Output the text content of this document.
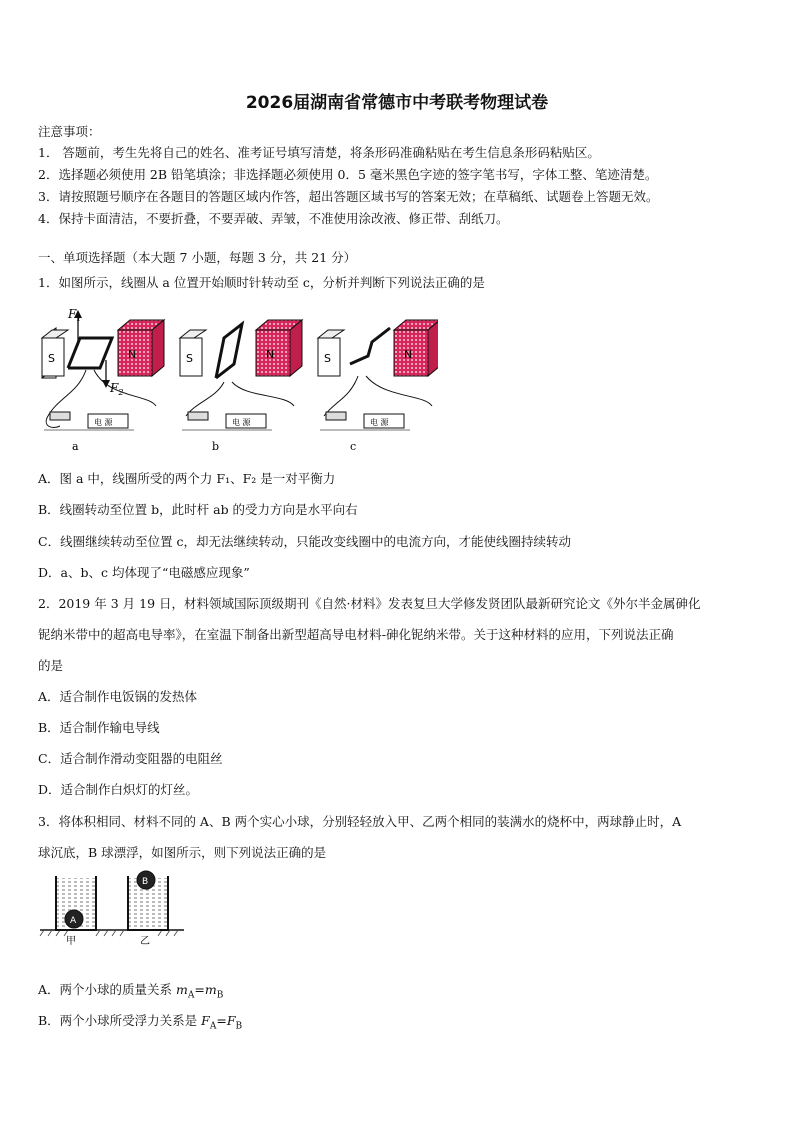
2026届湖南省常德市中考联考物理试卷
注意事项：
1． 答题前，考生先将自己的姓名、准考证号填写清楚，将条形码准确粘贴在考生信息条形码粘贴区。
2．选择题必须使用 2B 铅笔填涂；非选择题必须使用 0．5 毫米黑色字迹的签字笔书写，字体工整、笔迹清楚。
3．请按照题号顺序在各题目的答题区域内作答，超出答题区域书写的答案无效；在草稿纸、试题卷上答题无效。
4．保持卡面清洁，不要折叠，不要弄破、弄皱，不准使用涂改液、修正带、刮纸刀。
一、单项选择题（本大题 7 小题，每题 3 分，共 21 分）
1．如图所示，线圈从 a 位置开始顺时针转动至 c，分析并判断下列说法正确的是
S	N
$F_1$
$F_2$
电 源
a
S	N
电 源
b
S	N
电 源
c
A．图 a 中，线圈所受的两个力 F₁、F₂ 是一对平衡力
B．线圈转动至位置 b，此时杆 ab 的受力方向是水平向右
C．线圈继续转动至位置 c，却无法继续转动，只能改变线圈中的电流方向，才能使线圈持续转动
D．a、b、c 均体现了“电磁感应现象”
2．2019 年 3 月 19 日，材料领域国际顶级期刊《自然·材料》发表复旦大学修发贤团队最新研究论文《外尔半金属砷化
铌纳米带中的超高电导率》，在室温下制备出新型超高导电材料-砷化铌纳米带。关于这种材料的应用，下列说法正确
的是
A．适合制作电饭锅的发热体
B．适合制作输电导线
C．适合制作滑动变阻器的电阻丝
D．适合制作白炽灯的灯丝。
3．将体积相同、材料不同的 A、B 两个实心小球，分别轻轻放入甲、乙两个相同的装满水的烧杯中，两球静止时，A
球沉底，B 球漂浮，如图所示，则下列说法正确的是
A
甲
B
乙
A．两个小球的质量关系 $m_A=m_B$
B．两个小球所受浮力关系是 $F_A=F_B$
